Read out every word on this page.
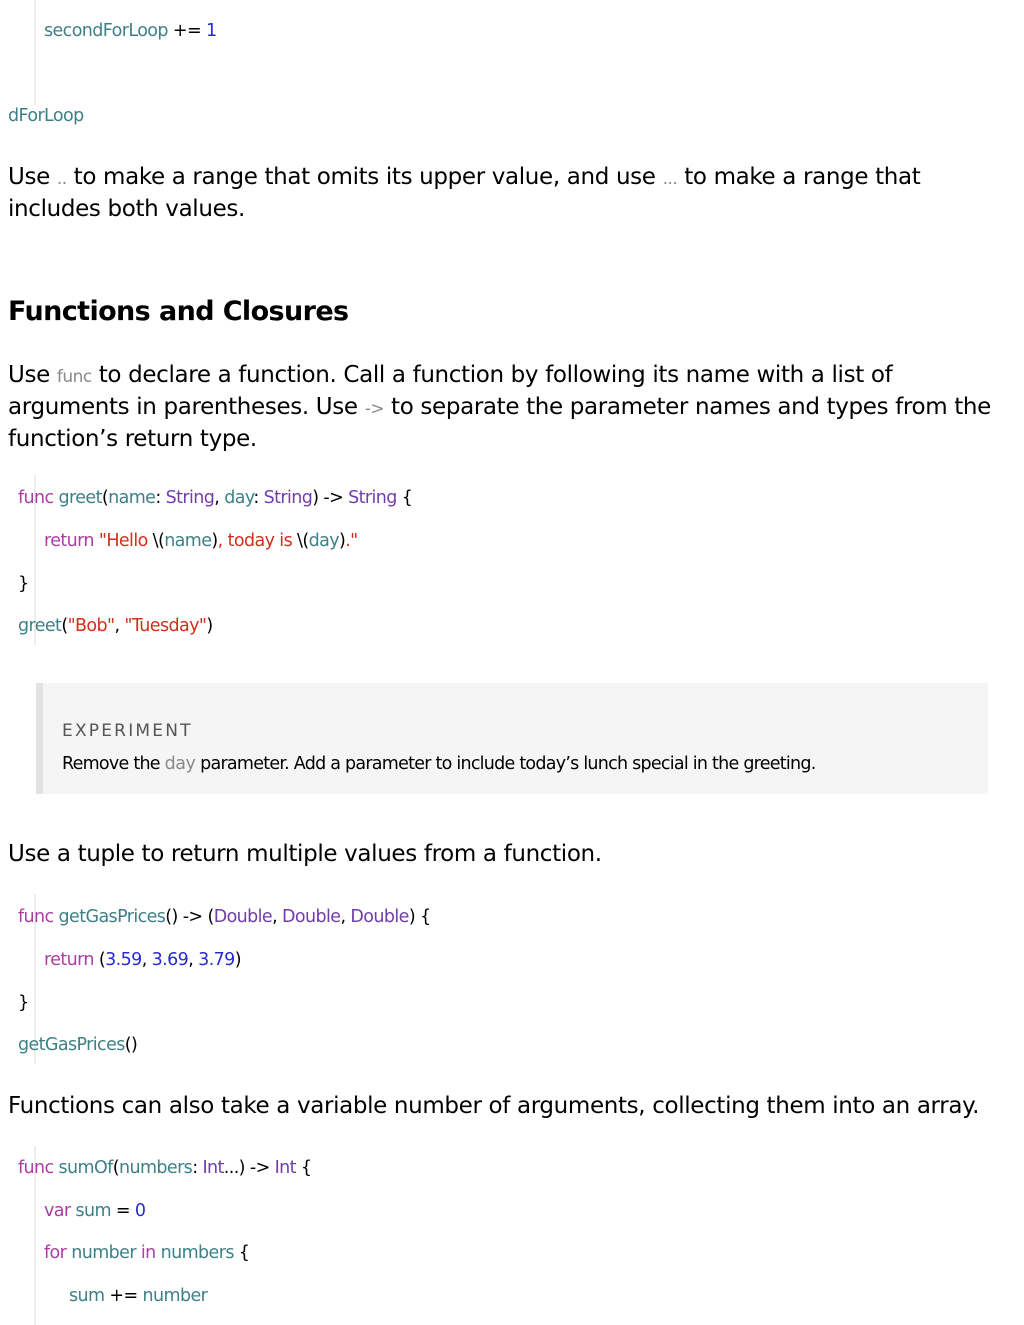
secondForLoop += 1
dForLoop
Use .. to make a range that omits its upper value, and use ... to make a range that includes both values.
Functions and Closures
Use func to declare a function. Call a function by following its name with a list of arguments in parentheses. Use -> to separate the parameter names and types from the function’s return type.
func greet(name: String, day: String) -> String {
return "Hello \(name), today is \(day)."
}
greet("Bob", "Tuesday")
EXPERIMENT
Remove the day parameter. Add a parameter to include today’s lunch special in the greeting.
Use a tuple to return multiple values from a function.
func getGasPrices() -> (Double, Double, Double) {
return (3.59, 3.69, 3.79)
}
getGasPrices()
Functions can also take a variable number of arguments, collecting them into an array.
func sumOf(numbers: Int...) -> Int {
var sum = 0
for number in numbers {
sum += number
